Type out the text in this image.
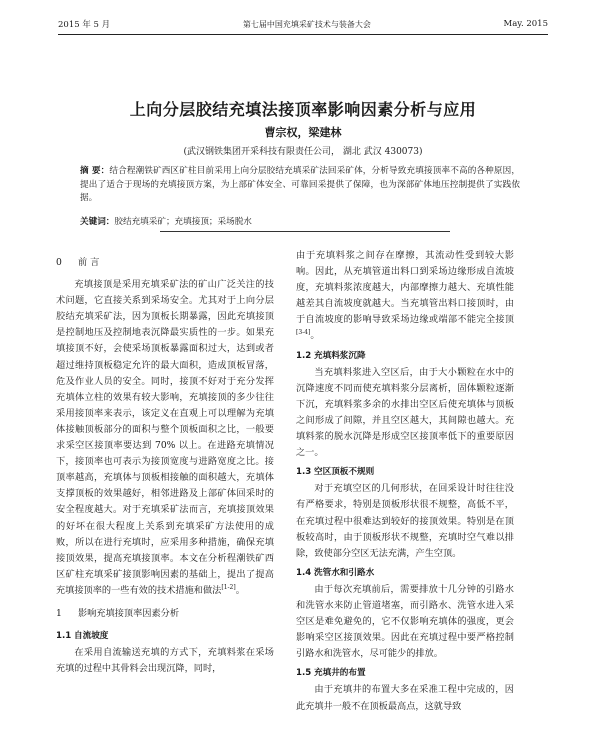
2015 年 5 月	第七届中国充填采矿技术与装备大会	May. 2015
上向分层胶结充填法接顶率影响因素分析与应用
曹宗权，梁建林
(武汉钢铁集团开采科技有限责任公司， 湖北 武汉 430073)
摘 要：结合程潮铁矿西区矿柱目前采用上向分层胶结充填采矿法回采矿体，分析导致充填接顶率不高的各种原因，提出了适合于现场的充填接顶方案，为上部矿体安全、可靠回采提供了保障，也为深部矿体地压控制提供了实践依据。
关键词：胶结充填采矿；充填接顶；采场脱水
0 前 言

充填接顶是采用充填采矿法的矿山广泛关注的技术问题，它直接关系到采场安全。尤其对于上向分层胶结充填采矿法，因为顶板长期暴露，因此充填接顶是控制地压及控制地表沉降最实质性的一步。如果充填接顶不好，会使采场顶板暴露面积过大，达到或者超过维持顶板稳定允许的最大面积，造成顶板冒落，危及作业人员的安全。同时，接顶不好对于充分发挥充填体立柱的效果有较大影响，充填接顶的多少往往采用接顶率来表示，该定义在直观上可以理解为充填体接触顶板部分的面积与整个顶板面积之比，一般要求采空区接顶率要达到 70% 以上。在进路充填情况下，接顶率也可表示为接顶宽度与进路宽度之比。接顶率越高，充填体与顶板相接触的面积越大，充填体支撑顶板的效果越好，相邻进路及上部矿体回采时的安全程度越大。对于充填采矿法而言，充填接顶效果的好坏在很大程度上关系到充填采矿方法使用的成败，所以在进行充填时，应采用多种措施，确保充填接顶效果，提高充填接顶率。本文在分析程潮铁矿西区矿柱充填采矿接顶影响因素的基础上，提出了提高充填接顶率的一些有效的技术措施和做法[1-2]。

1 影响充填接顶率因素分析
1.1 自流坡度

在采用自流输送充填的方式下，充填料浆在采场充填的过程中其骨料会出现沉降，同时，

由于充填料浆之间存在摩擦，其流动性受到较大影响。因此，从充填管道出料口到采场边缘形成自流坡度，充填料浆浓度越大，内部摩擦力越大、充填性能越差其自流坡度就越大。当充填管出料口接顶时，由于自流坡度的影响导致采场边缘或端部不能完全接顶[3-4]。

1.2 充填料浆沉降

当充填料浆进入空区后，由于大小颗粒在水中的沉降速度不同而使充填料浆分层离析，固体颗粒逐渐下沉，充填料浆多余的水排出空区后使充填体与顶板之间形成了间隙，并且空区越大，其间隙也越大。充填料浆的脱水沉降是形成空区接顶率低下的重要原因之一。

1.3 空区顶板不规则

对于充填空区的几何形状，在回采设计时往往没有严格要求，特别是顶板形状很不规整，高低不平，在充填过程中很难达到较好的接顶效果。特别是在顶板较高时，由于顶板形状不规整，充填时空气难以排除，致使部分空区无法充满，产生空顶。

1.4 洗管水和引路水

由于每次充填前后，需要排放十几分钟的引路水和洗管水来防止管道堵塞，而引路水、洗管水进入采空区是难免避免的，它不仅影响充填体的强度，更会影响采空区接顶效果。因此在充填过程中要严格控制引路水和洗管水，尽可能少的排放。

1.5 充填井的布置

由于充填井的布置大多在采准工程中完成的，因此充填井一般不在顶板最高点，这就导致
